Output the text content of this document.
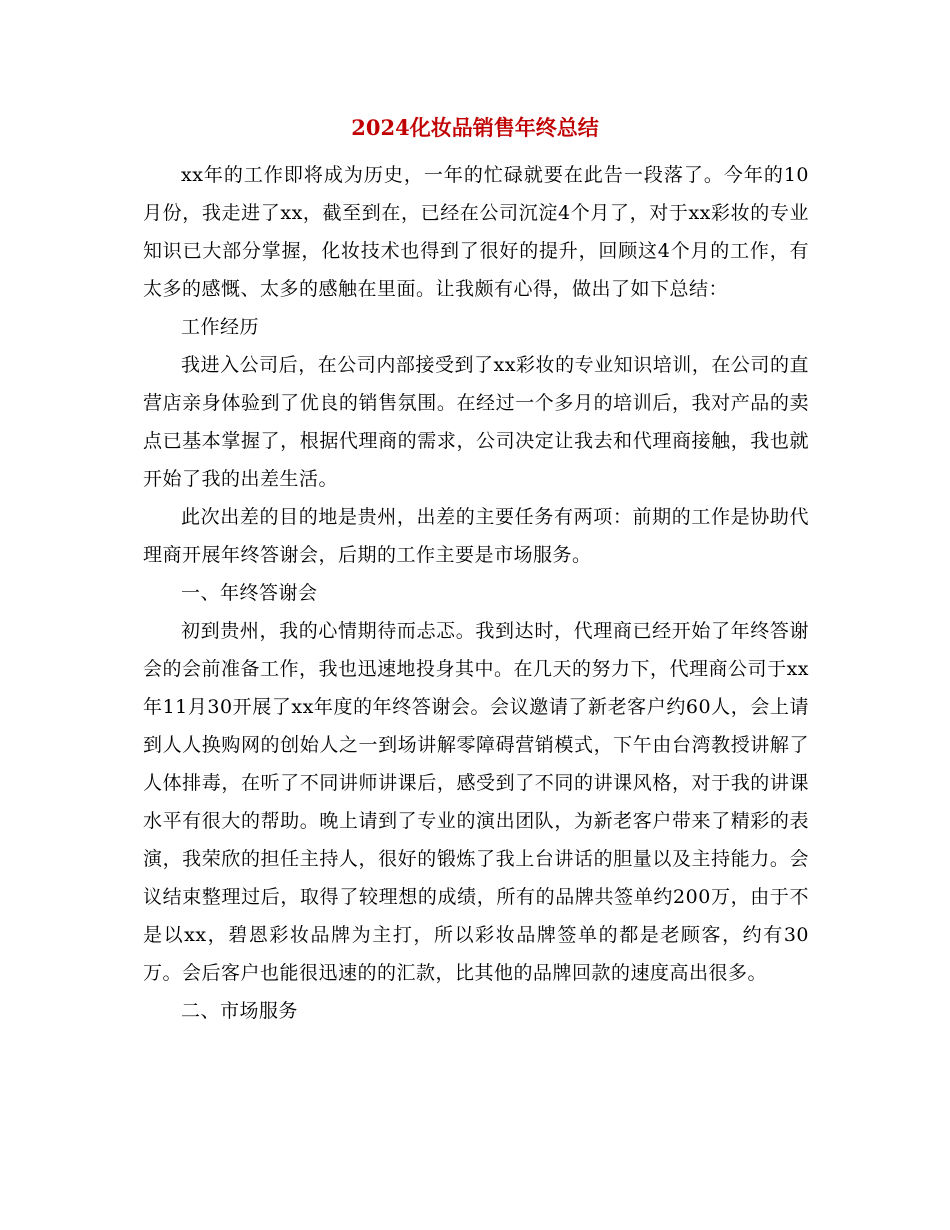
2024化妆品销售年终总结

xx年的工作即将成为历史，一年的忙碌就要在此告一段落了。今年的10月份，我走进了xx，截至到在，已经在公司沉淀4个月了，对于xx彩妆的专业知识已大部分掌握，化妆技术也得到了很好的提升，回顾这4个月的工作，有太多的感慨、太多的感触在里面。让我颇有心得，做出了如下总结：

工作经历

我进入公司后，在公司内部接受到了xx彩妆的专业知识培训，在公司的直营店亲身体验到了优良的销售氛围。在经过一个多月的培训后，我对产品的卖点已基本掌握了，根据代理商的需求，公司决定让我去和代理商接触，我也就开始了我的出差生活。

此次出差的目的地是贵州，出差的主要任务有两项：前期的工作是协助代理商开展年终答谢会，后期的工作主要是市场服务。

一、年终答谢会

初到贵州，我的心情期待而忐忑。我到达时，代理商已经开始了年终答谢会的会前准备工作，我也迅速地投身其中。在几天的努力下，代理商公司于xx年11月30开展了xx年度的年终答谢会。会议邀请了新老客户约60人，会上请到人人换购网的创始人之一到场讲解零障碍营销模式，下午由台湾教授讲解了人体排毒，在听了不同讲师讲课后，感受到了不同的讲课风格，对于我的讲课水平有很大的帮助。晚上请到了专业的演出团队，为新老客户带来了精彩的表演，我荣欣的担任主持人，很好的锻炼了我上台讲话的胆量以及主持能力。会议结束整理过后，取得了较理想的成绩，所有的品牌共签单约200万，由于不是以xx，碧恩彩妆品牌为主打，所以彩妆品牌签单的都是老顾客，约有30万。会后客户也能很迅速的的汇款，比其他的品牌回款的速度高出很多。

二、市场服务
